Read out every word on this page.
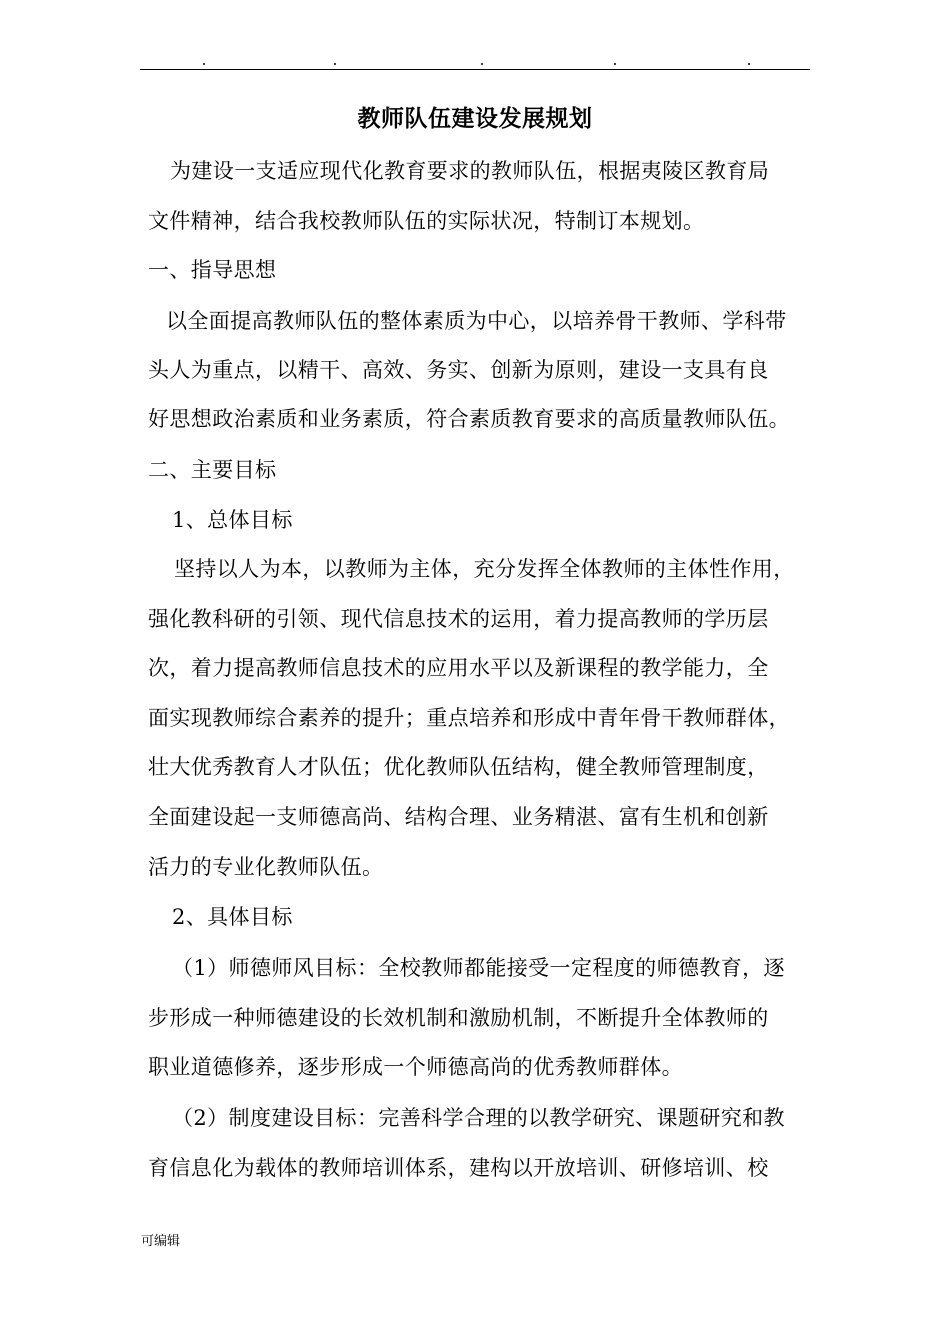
教师队伍建设发展规划
为建设一支适应现代化教育要求的教师队伍，根据夷陵区教育局
文件精神，结合我校教师队伍的实际状况，特制订本规划。
一、指导思想
以全面提高教师队伍的整体素质为中心，以培养骨干教师、学科带
头人为重点，以精干、高效、务实、创新为原则，建设一支具有良
好思想政治素质和业务素质，符合素质教育要求的高质量教师队伍。
二、主要目标
1、总体目标
坚持以人为本，以教师为主体，充分发挥全体教师的主体性作用，
强化教科研的引领、现代信息技术的运用，着力提高教师的学历层
次，着力提高教师信息技术的应用水平以及新课程的教学能力，全
面实现教师综合素养的提升；重点培养和形成中青年骨干教师群体，
壮大优秀教育人才队伍；优化教师队伍结构，健全教师管理制度，
全面建设起一支师德高尚、结构合理、业务精湛、富有生机和创新
活力的专业化教师队伍。
2、具体目标
（1）师德师风目标：全校教师都能接受一定程度的师德教育，逐
步形成一种师德建设的长效机制和激励机制，不断提升全体教师的
职业道德修养，逐步形成一个师德高尚的优秀教师群体。
（2）制度建设目标：完善科学合理的以教学研究、课题研究和教
育信息化为载体的教师培训体系，建构以开放培训、研修培训、校
可编辑
